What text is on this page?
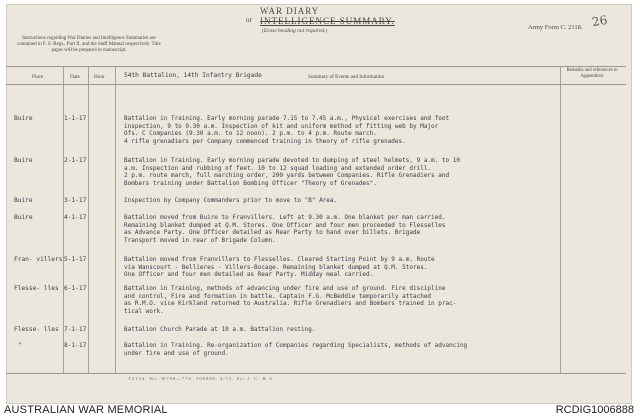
WAR DIARY
or INTELLIGENCE SUMMARY.
(Erase heading not required.)	Army Form C. 2118. 26
Instructions regarding War Diaries and Intelligence Summaries are contained in F. S. Regs., Part II. and the Staff Manual respectively. Title pages will be prepared in manuscript.
Place	Date	Hour	54th Battalion, 14th Infantry Brigade	Summary of Events and Information
Remarks and references to Appendices
Buire	1-1-17	Battalion in Training. Early morning parade 7.15 to 7.45 a.m., Physical exercises and foot
inspection, 9 to 9.30 a.m. Inspection of kit and uniform method of fitting web by Major
Ofs. C Companies (9.30 a.m. to 12 noon). 2 p.m. to 4 p.m. Route march.
4 rifle grenadiers per Company commenced training in theory of rifle grenades.
Buire	2-1-17	Battalion in Training. Early morning parade devoted to dumping of steel helmets, 9 a.m. to 10
a.m. Inspection and rubbing of feet. 10 to 12 squad loading and extended order drill.
2 p.m. route march, full marching order, 200 yards between Companies. Rifle Grenadiers and
Bombers training under Battalion Bombing Officer "Theory of Grenades".
Buire	3-1-17	Inspection by Company Commanders prior to move to "B" Area.
Buire	4-1-17	Battalion moved from Buire to Franvillers. Left at 9.30 a.m. One blanket per man carried.
Remaining blanket dumped at Q.M. Stores. One Officer and four men proceeded to Flesselles
as Advance Party. One Officer detailed as Rear Party to hand over billets. Brigade
Transport moved in rear of Brigade Column.
Fran- villers 5-1-17	Battalion moved from Franvillers to Flesselles. Cleared Starting Point by 9 a.m. Route
via Wanscourt - Bellieres - Villers-Bocage. Remaining blanket dumped at Q.M. Stores.
One Officer and four men detailed as Rear Party. Midday meal carried.
Flesse- lles 6-1-17	Battalion in Training, methods of advancing under fire and use of ground. Fire discipline
and control, Fire and formation in battle. Captain F.G. McBeddie temporarily attached
as R.M.O. vice Kirkland returned to Australia. Rifle Grenadiers and Bombers trained in prac-
tical work.
Flesse- lles 7-1-17	Battalion Church Parade at 10 a.m. Battalion resting.
"	8-1-17	Battalion in Training. Re-organization of Companies regarding Specialists, methods of advancing
under fire and use of ground.
T2134. Wt. W708—776. 500000. 4/15. Sir J. C. & S.
AUSTRALIAN WAR MEMORIAL	RCDIG1006888
